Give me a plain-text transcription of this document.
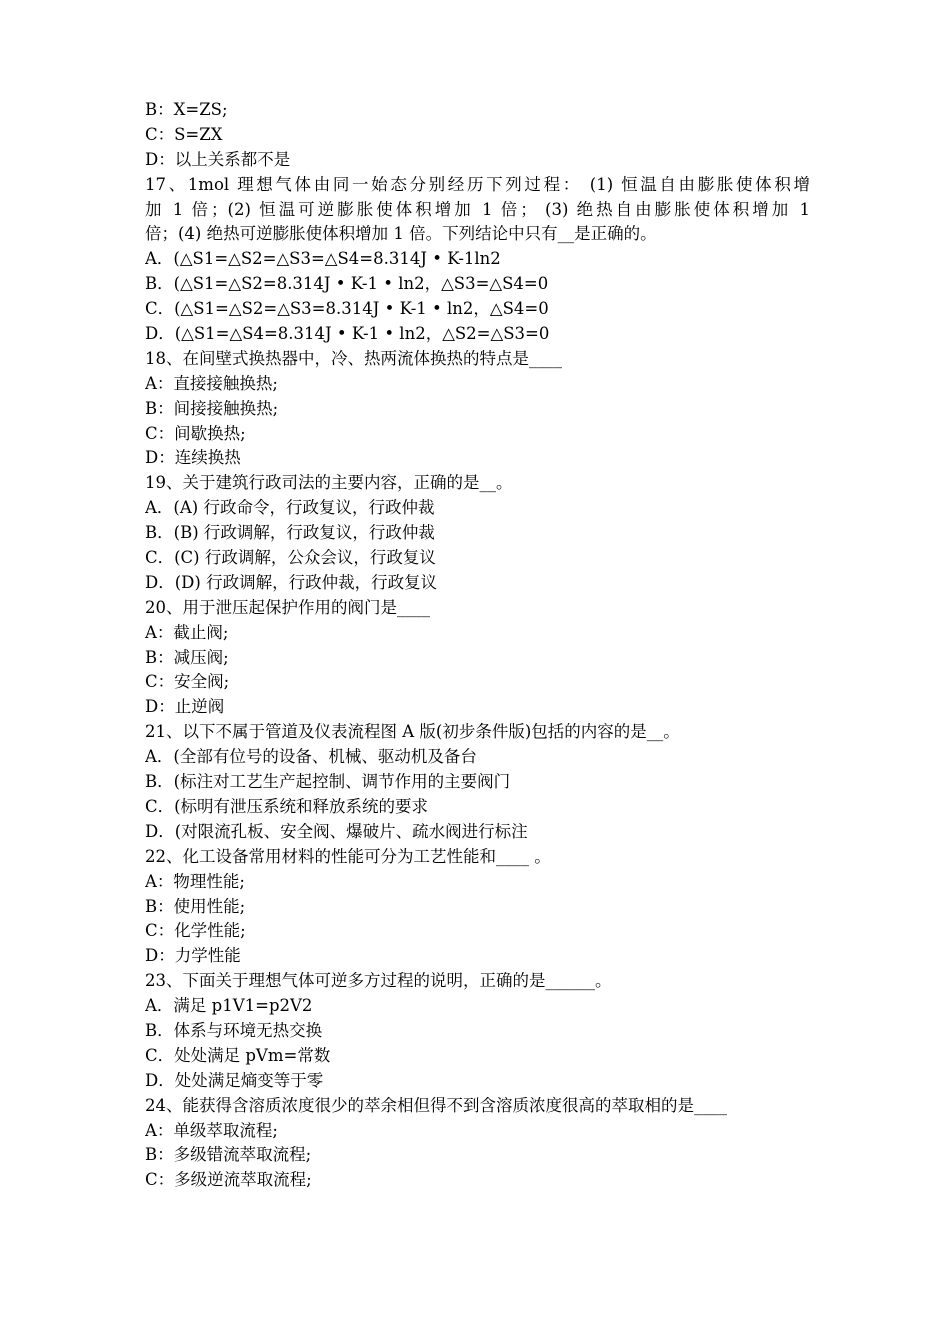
B：X=ZS;
C：S=ZX
D：以上关系都不是
17、1mol 理想气体由同一始态分别经历下列过程： (1) 恒温自由膨胀使体积增
加 1 倍；(2) 恒温可逆膨胀使体积增加 1 倍； (3) 绝热自由膨胀使体积增加 1
倍；(4) 绝热可逆膨胀使体积增加 1 倍。下列结论中只有__是正确的。
A．(△S1=△S2=△S3=△S4=8.314J • K-1ln2
B．(△S1=△S2=8.314J • K-1 • ln2，△S3=△S4=0
C．(△S1=△S2=△S3=8.314J • K-1 • ln2，△S4=0
D．(△S1=△S4=8.314J • K-1 • ln2，△S2=△S3=0
18、在间壁式换热器中，冷、热两流体换热的特点是____
A：直接接触换热;
B：间接接触换热;
C：间歇换热;
D：连续换热
19、关于建筑行政司法的主要内容，正确的是__。
A．(A) 行政命令，行政复议，行政仲裁
B．(B) 行政调解，行政复议，行政仲裁
C．(C) 行政调解，公众会议，行政复议
D．(D) 行政调解，行政仲裁，行政复议
20、用于泄压起保护作用的阀门是____
A：截止阀;
B：减压阀;
C：安全阀;
D：止逆阀
21、以下不属于管道及仪表流程图 A 版(初步条件版)包括的内容的是__。
A．(全部有位号的设备、机械、驱动机及备台
B．(标注对工艺生产起控制、调节作用的主要阀门
C．(标明有泄压系统和释放系统的要求
D．(对限流孔板、安全阀、爆破片、疏水阀进行标注
22、化工设备常用材料的性能可分为工艺性能和____ 。
A：物理性能;
B：使用性能;
C：化学性能;
D：力学性能
23、下面关于理想气体可逆多方过程的说明，正确的是______。
A．满足 p1V1=p2V2
B．体系与环境无热交换
C．处处满足 pVm=常数
D．处处满足熵变等于零
24、能获得含溶质浓度很少的萃余相但得不到含溶质浓度很高的萃取相的是____
A：单级萃取流程;
B：多级错流萃取流程;
C：多级逆流萃取流程;
